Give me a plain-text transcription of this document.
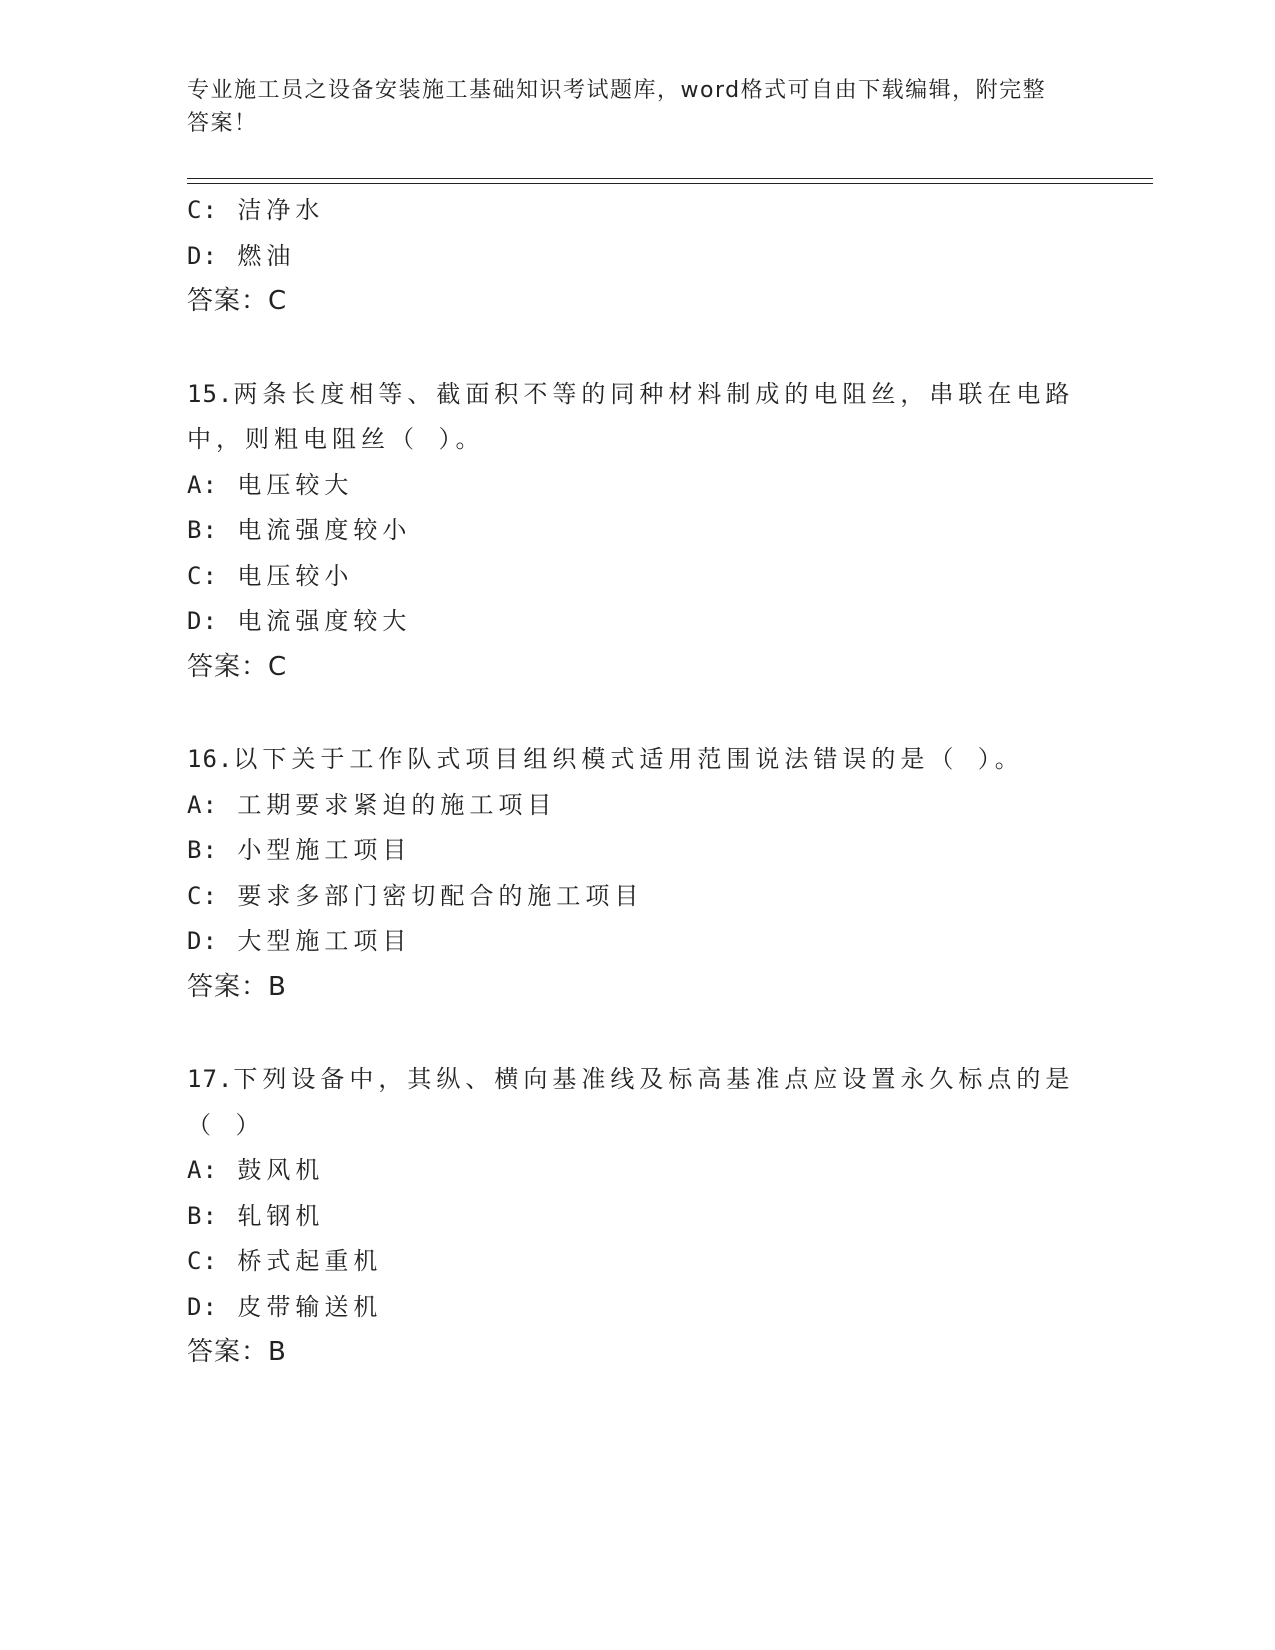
专业施工员之设备安装施工基础知识考试题库，word格式可自由下载编辑，附完整答案！
C: 洁净水
D: 燃油
答案：C
15.两条长度相等、截面积不等的同种材料制成的电阻丝，串联在电路中，则粗电阻丝（ ）。
A: 电压较大
B: 电流强度较小
C: 电压较小
D: 电流强度较大
答案：C
16.以下关于工作队式项目组织模式适用范围说法错误的是（ ）。
A: 工期要求紧迫的施工项目
B: 小型施工项目
C: 要求多部门密切配合的施工项目
D: 大型施工项目
答案：B
17.下列设备中，其纵、横向基准线及标高基准点应设置永久标点的是（ ）
A: 鼓风机
B: 轧钢机
C: 桥式起重机
D: 皮带输送机
答案：B
